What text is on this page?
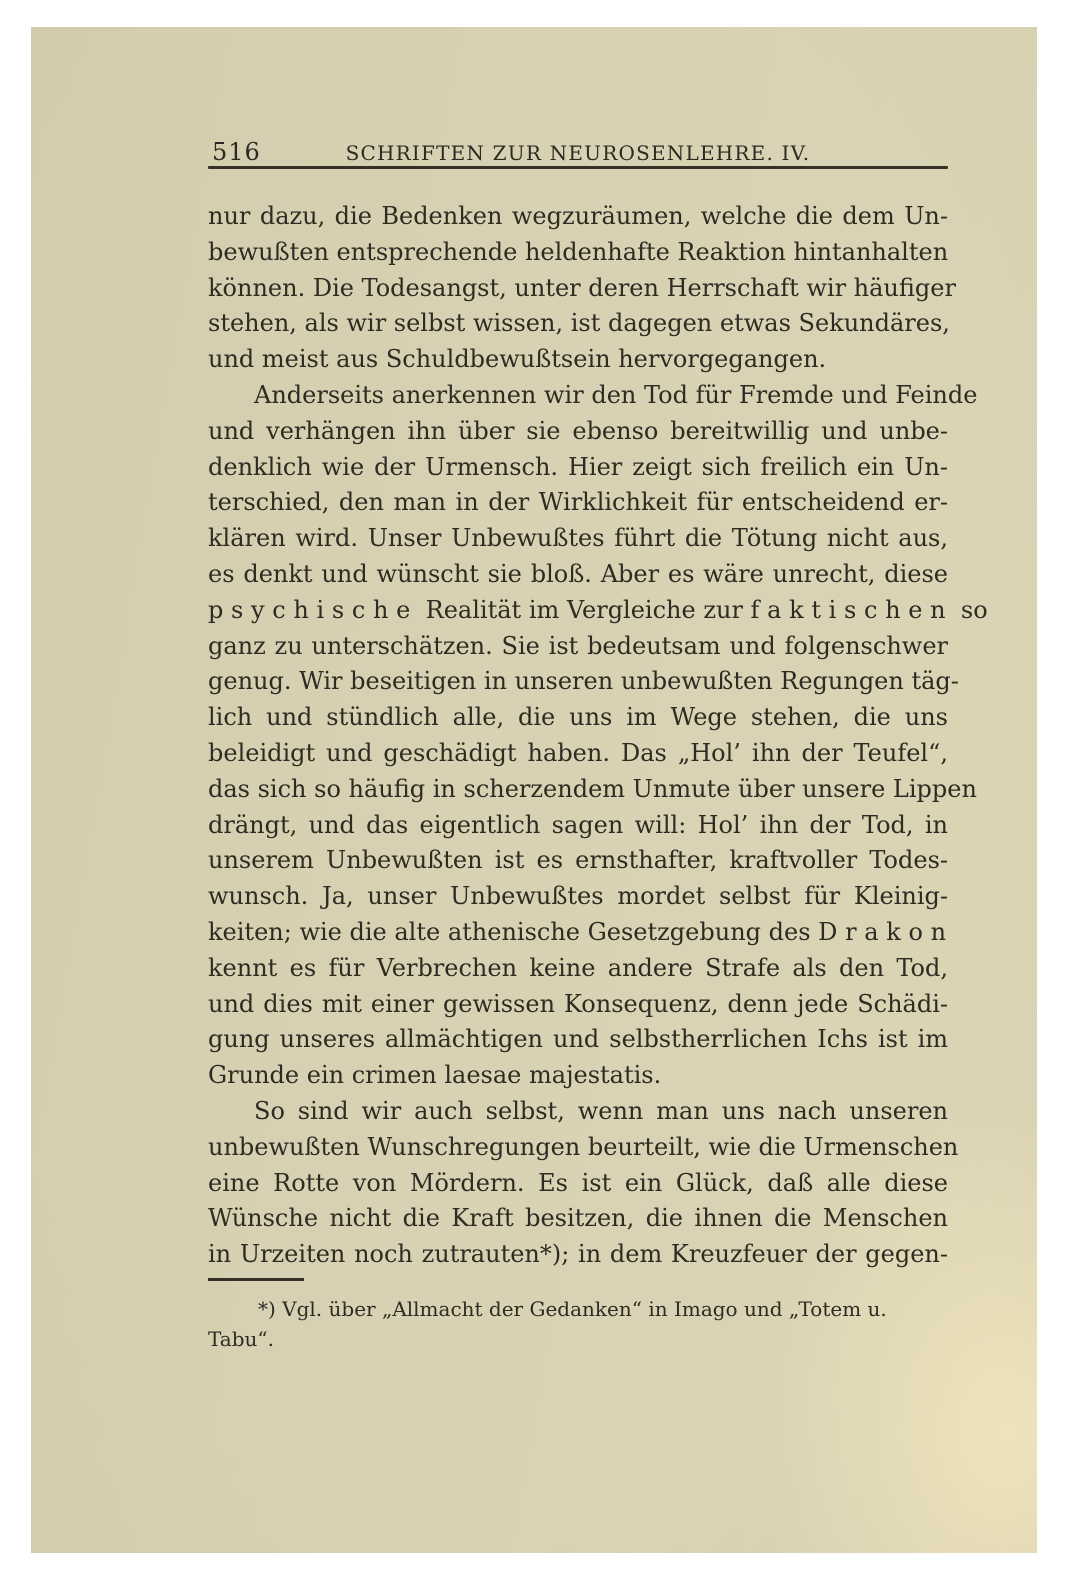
516	SCHRIFTEN ZUR NEUROSENLEHRE. IV.
nur dazu, die Bedenken wegzuräumen, welche die dem Un-
bewußten entsprechende heldenhafte Reaktion hintanhalten
können. Die Todesangst, unter deren Herrschaft wir häufiger
stehen, als wir selbst wissen, ist dagegen etwas Sekundäres,
und meist aus Schuldbewußtsein hervorgegangen.
Anderseits anerkennen wir den Tod für Fremde und Feinde
und verhängen ihn über sie ebenso bereitwillig und unbe-
denklich wie der Urmensch. Hier zeigt sich freilich ein Un-
terschied, den man in der Wirklichkeit für entscheidend er-
klären wird. Unser Unbewußtes führt die Tötung nicht aus,
es denkt und wünscht sie bloß. Aber es wäre unrecht, diese
psychische Realität im Vergleiche zur faktischen so
ganz zu unterschätzen. Sie ist bedeutsam und folgenschwer
genug. Wir beseitigen in unseren unbewußten Regungen täg-
lich und stündlich alle, die uns im Wege stehen, die uns
beleidigt und geschädigt haben. Das „Hol’ ihn der Teufel“,
das sich so häufig in scherzendem Unmute über unsere Lippen
drängt, und das eigentlich sagen will: Hol’ ihn der Tod, in
unserem Unbewußten ist es ernsthafter, kraftvoller Todes-
wunsch. Ja, unser Unbewußtes mordet selbst für Kleinig-
keiten; wie die alte athenische Gesetzgebung des Drakon
kennt es für Verbrechen keine andere Strafe als den Tod,
und dies mit einer gewissen Konsequenz, denn jede Schädi-
gung unseres allmächtigen und selbstherrlichen Ichs ist im
Grunde ein crimen laesae majestatis.
So sind wir auch selbst, wenn man uns nach unseren
unbewußten Wunschregungen beurteilt, wie die Urmenschen
eine Rotte von Mördern. Es ist ein Glück, daß alle diese
Wünsche nicht die Kraft besitzen, die ihnen die Menschen
in Urzeiten noch zutrauten*); in dem Kreuzfeuer der gegen-
*) Vgl. über „Allmacht der Gedanken“ in Imago und „Totem u. Tabu“.
